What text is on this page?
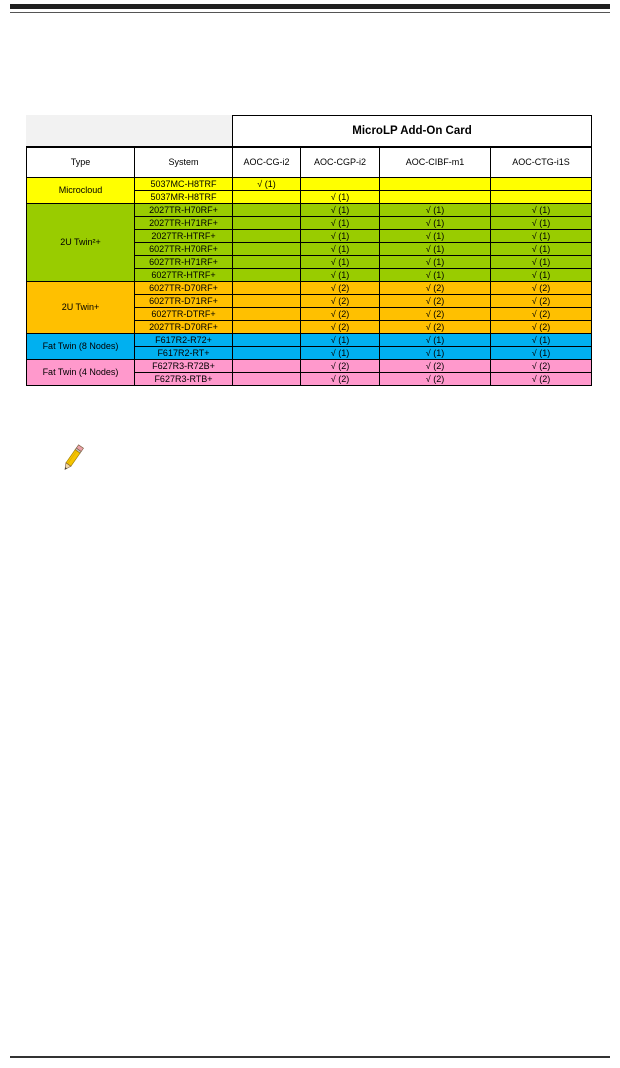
		MicroLP Add-On Card			
Type	System	AOC-CG-i2	AOC-CGP-i2	AOC-CIBF-m1	AOC-CTG-i1S
Microcloud	5037MC-H8TRF	√ (1)			
	5037MR-H8TRF		√ (1)		
2U Twin²+	2027TR-H70RF+		√ (1)	√ (1)	√ (1)
	2027TR-H71RF+		√ (1)	√ (1)	√ (1)
	2027TR-HTRF+		√ (1)	√ (1)	√ (1)
	6027TR-H70RF+		√ (1)	√ (1)	√ (1)
	6027TR-H71RF+		√ (1)	√ (1)	√ (1)
	6027TR-HTRF+		√ (1)	√ (1)	√ (1)
2U Twin+	6027TR-D70RF+		√ (2)	√ (2)	√ (2)
	6027TR-D71RF+		√ (2)	√ (2)	√ (2)
	6027TR-DTRF+		√ (2)	√ (2)	√ (2)
	2027TR-D70RF+		√ (2)	√ (2)	√ (2)
Fat Twin (8 Nodes)	F617R2-R72+		√ (1)	√ (1)	√ (1)
	F617R2-RT+		√ (1)	√ (1)	√ (1)
Fat Twin (4 Nodes)	F627R3-R72B+		√ (2)	√ (2)	√ (2)
	F627R3-RTB+		√ (2)	√ (2)	√ (2)
